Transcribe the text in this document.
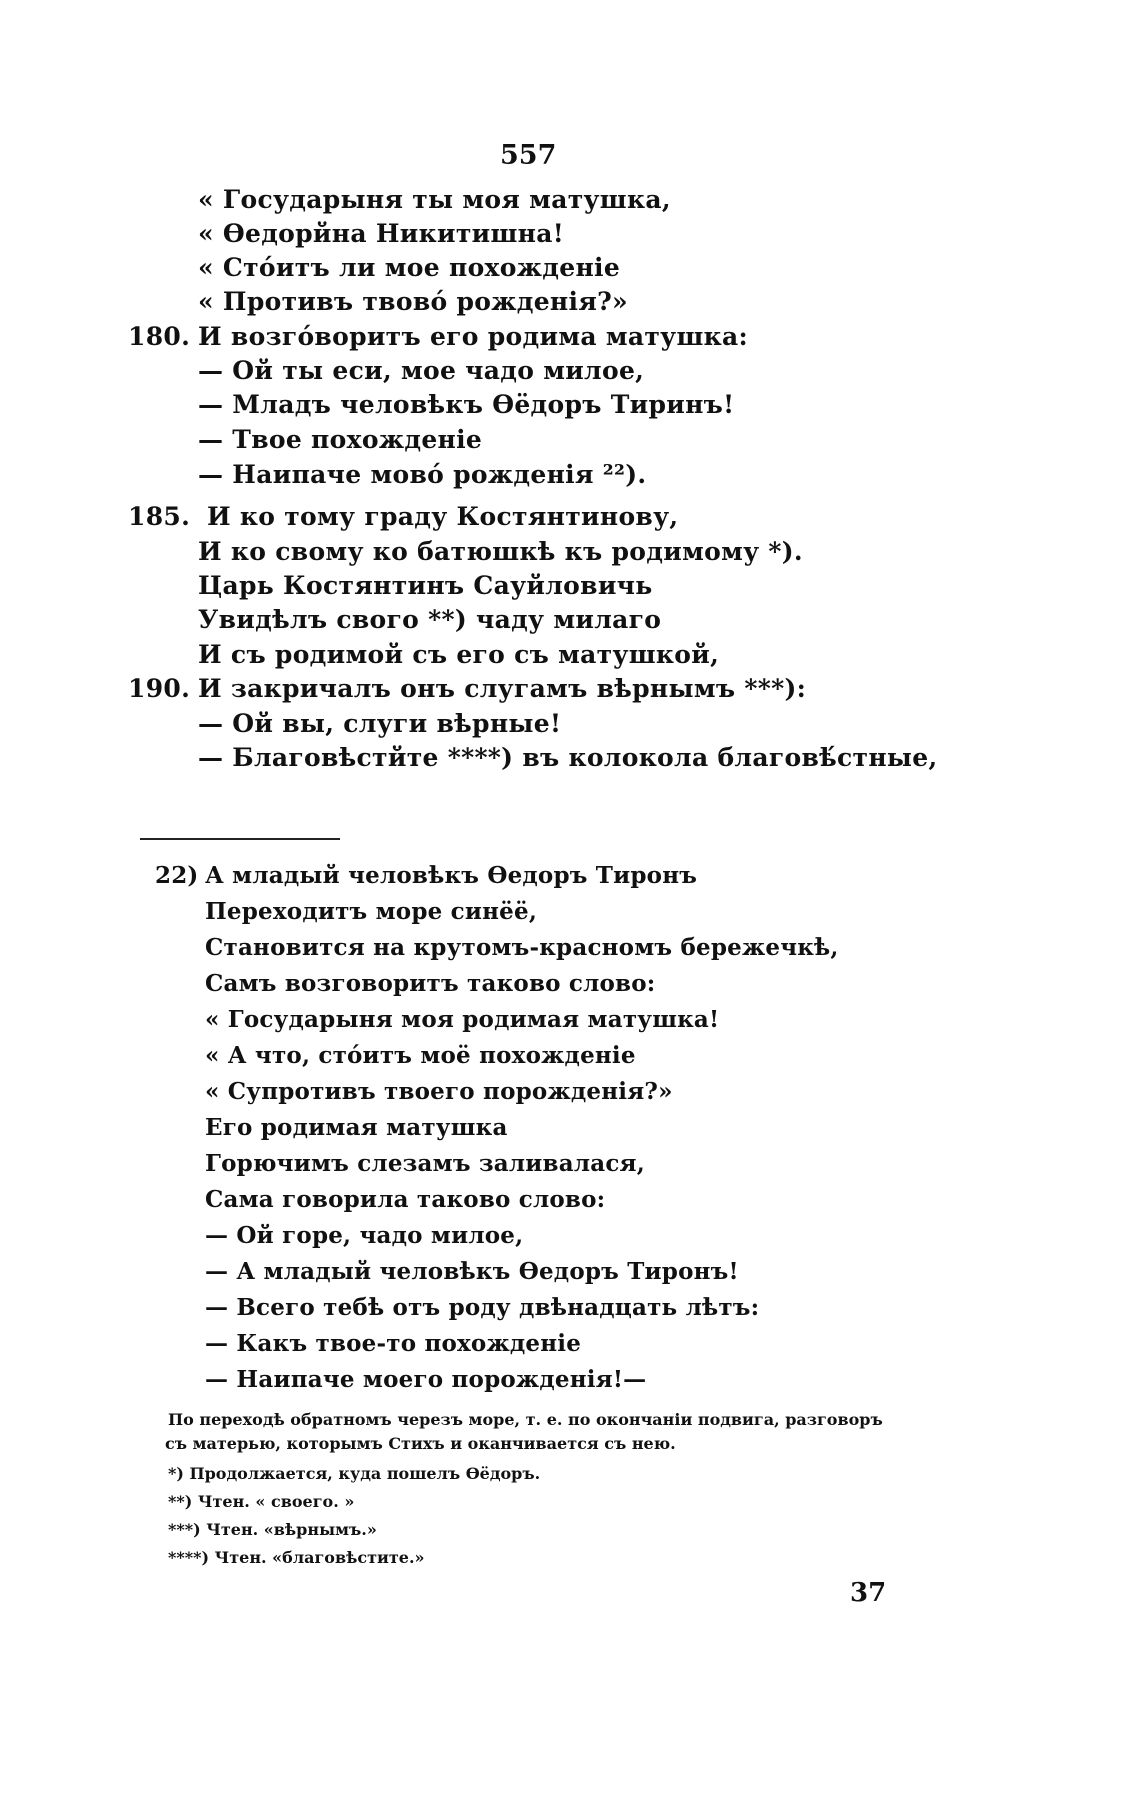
557
« Государыня ты моя матушка,
« Өедорйна Никитишна!
« Стóитъ ли мое похожденіе
« Противъ твовó рожденія?»
180. И возгóворитъ его родима матушка:
— Ой ты еси, мое чадо милое,
— Младъ человѣкъ Өёдоръ Тиринъ!
— Твое похожденіе
— Наипаче мовó рожденія ²²).
185. И ко тому граду Костянтинову,
И ко свому ко батюшкѣ къ родимому *).
Царь Костянтинъ Сауйловичь
Увидѣлъ свого **) чаду милаго
И съ родимой съ его съ матушкой,
190. И закричалъ онъ слугамъ вѣрнымъ ***):
— Ой вы, слуги вѣрные!
— Благовѣстйте ****) въ колокола благовѣ́стные,
22) А младый человѣкъ Өедоръ Тиронъ
Переходитъ море синёё,
Становится на крутомъ-красномъ бережечкѣ,
Самъ возговоритъ таково слово:
« Государыня моя родимая матушка!
« А что, стóитъ моё похожденіе
« Супротивъ твоего порожденія?»
Его родимая матушка
Горючимъ слезамъ заливалася,
Сама говорила таково слово:
— Ой горе, чадо милое,
— А младый человѣкъ Өедоръ Тиронъ!
— Всего тебѣ отъ роду двѣнадцать лѣтъ:
— Какъ твое-то похожденіе
— Наипаче моего порожденія!—
По переходѣ обратномъ черезъ море, т. е. по окончаніи подвига, разговоръ
съ матерью, которымъ Стихъ и оканчивается съ нею.
*) Продолжается, куда пошелъ Өёдоръ.
**) Чтен. « своего. »
***) Чтен. «вѣрнымъ.»
****) Чтен. «благовѣстите.»
37
